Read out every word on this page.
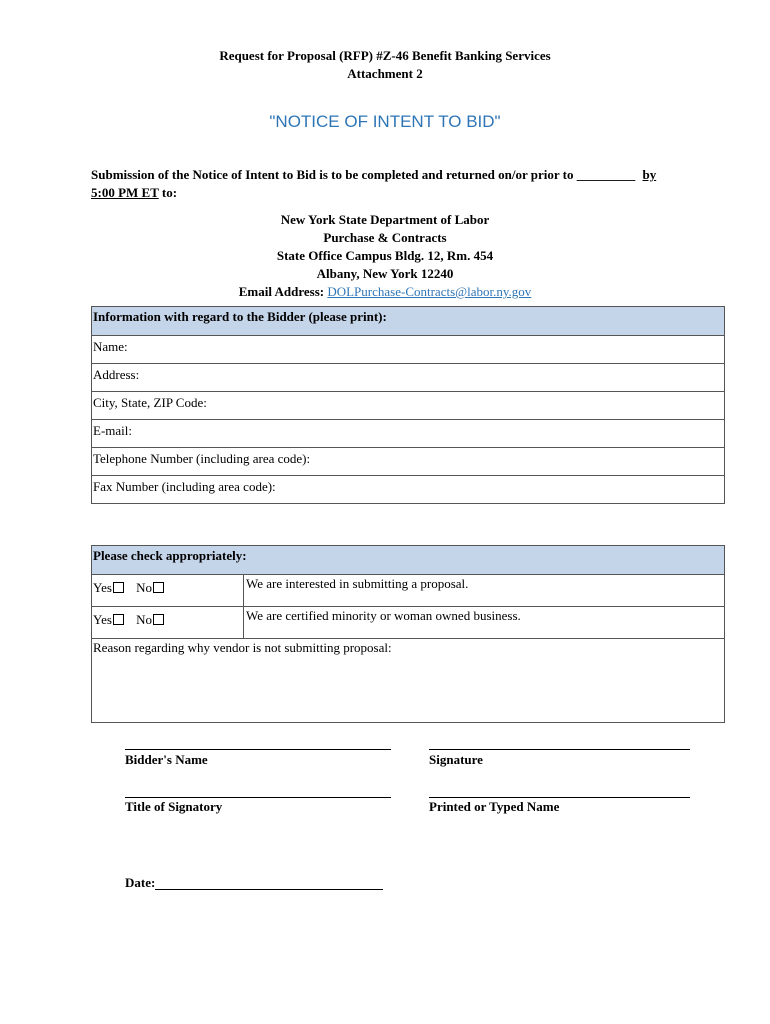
Request for Proposal (RFP) #Z-46 Benefit Banking Services
Attachment 2
"NOTICE OF INTENT TO BID"
Submission of the Notice of Intent to Bid is to be completed and returned on/or prior to _________ by
5:00 PM ET to:
New York State Department of Labor
Purchase & Contracts
State Office Campus Bldg. 12, Rm. 454
Albany, New York 12240
Email Address: DOLPurchase-Contracts@labor.ny.gov
Information with regard to the Bidder (please print):
Name:
Address:
City, State, ZIP Code:
E-mail:
Telephone Number (including area code):
Fax Number (including area code):
Please check appropriately:
Yes No	We are interested in submitting a proposal.
Yes No	We are certified minority or woman owned business.
Reason regarding why vendor is not submitting proposal:
Bidder's Name	Signature
Title of Signatory	Printed or Typed Name
Date:
